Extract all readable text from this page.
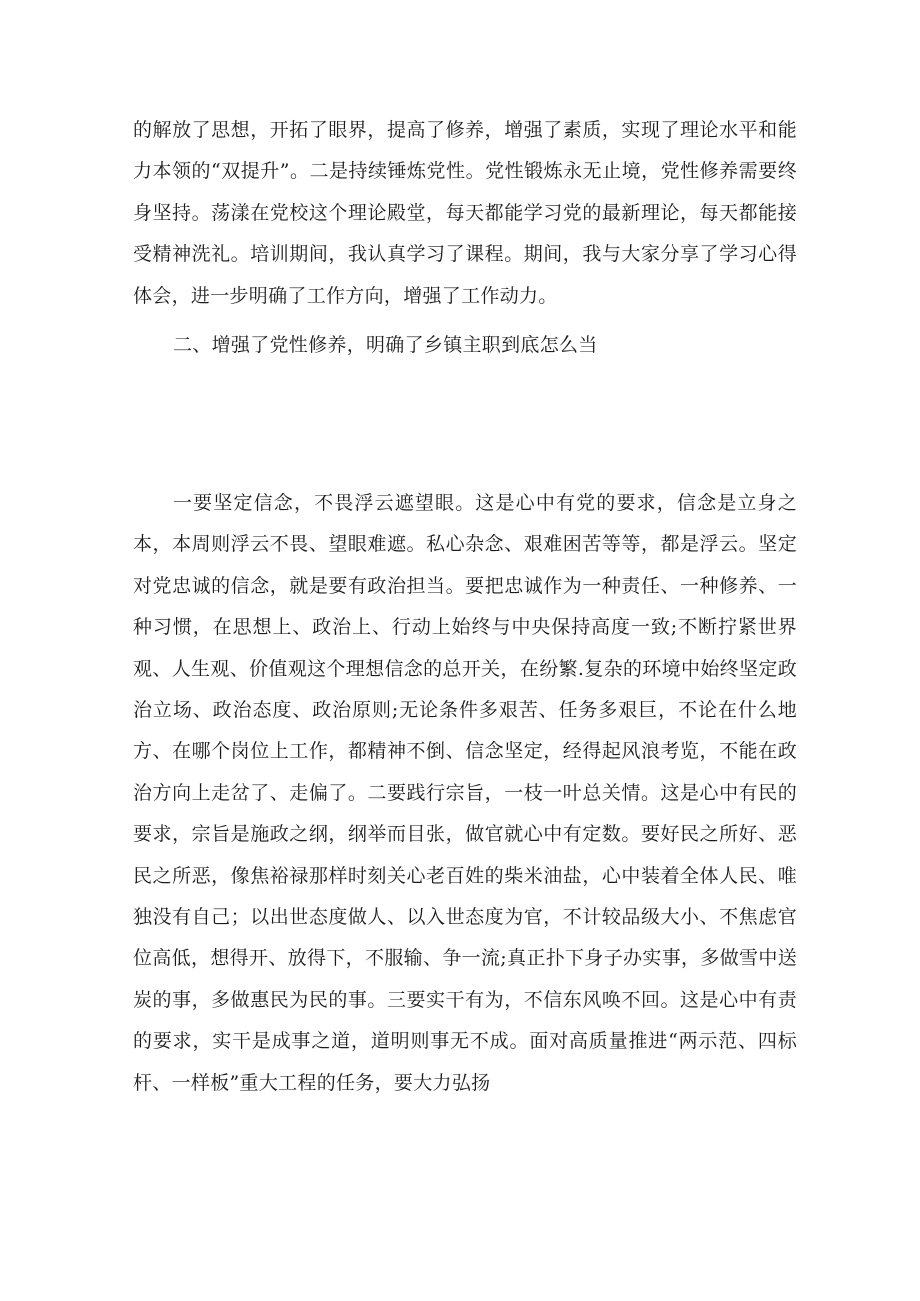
的解放了思想，开拓了眼界，提高了修养，增强了素质，实现了理论水平和能力本领的“双提升”。二是持续锤炼党性。党性锻炼永无止境，党性修养需要终身坚持。荡漾在党校这个理论殿堂，每天都能学习党的最新理论，每天都能接受精神洗礼。培训期间，我认真学习了课程。期间，我与大家分享了学习心得体会，进一步明确了工作方向，增强了工作动力。

二、增强了党性修养，明确了乡镇主职到底怎么当

一要坚定信念，不畏浮云遮望眼。这是心中有党的要求，信念是立身之本，本周则浮云不畏、望眼难遮。私心杂念、艰难困苦等等，都是浮云。坚定对党忠诚的信念，就是要有政治担当。要把忠诚作为一种责任、一种修养、一种习惯，在思想上、政治上、行动上始终与中央保持高度一致;不断拧紧世界观、人生观、价值观这个理想信念的总开关，在纷繁.复杂的环境中始终坚定政治立场、政治态度、政治原则;无论条件多艰苦、任务多艰巨，不论在什么地方、在哪个岗位上工作，都精神不倒、信念坚定，经得起风浪考览，不能在政治方向上走岔了、走偏了。二要践行宗旨，一枝一叶总关情。这是心中有民的要求，宗旨是施政之纲，纲举而目张，做官就心中有定数。要好民之所好、恶民之所恶，像焦裕禄那样时刻关心老百姓的柴米油盐，心中装着全体人民、唯独没有自己；以出世态度做人、以入世态度为官，不计较品级大小、不焦虑官位高低，想得开、放得下，不服输、争一流;真正扑下身子办实事，多做雪中送炭的事，多做惠民为民的事。三要实干有为，不信东风唤不回。这是心中有责的要求，实干是成事之道，道明则事无不成。面对高质量推进“两示范、四标杆、一样板”重大工程的任务，要大力弘扬
